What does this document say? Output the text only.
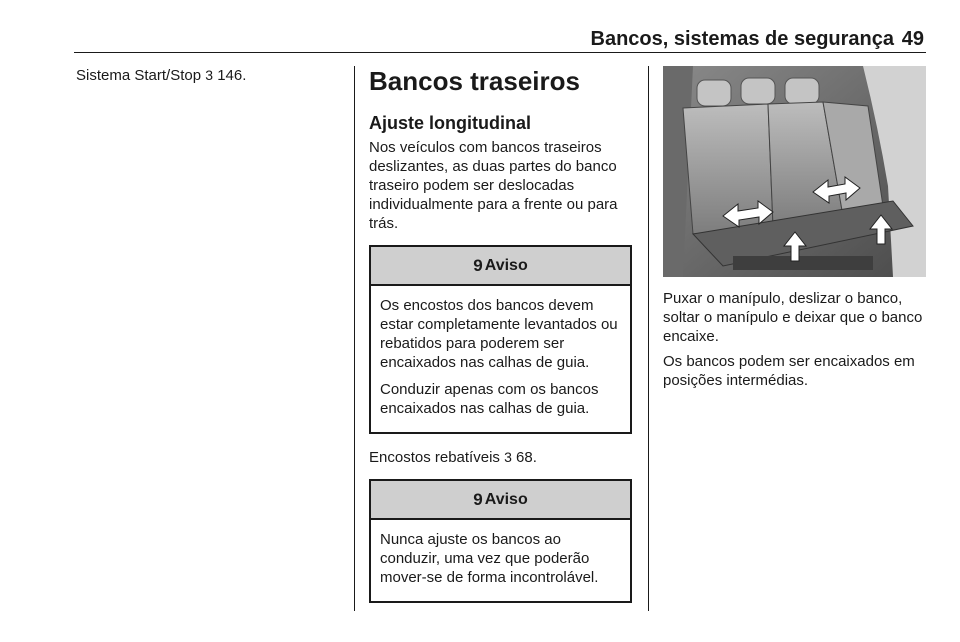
Bancos, sistemas de segurança 49

Sistema Start/Stop 3 146.	Bancos traseiros
Ajuste longitudinal

Nos veículos com bancos traseiros deslizantes, as duas partes do banco traseiro podem ser deslocadas individualmente para a frente ou para trás.

9 Aviso

Os encostos dos bancos devem estar completamente levantados ou rebatidos para poderem ser encaixados nas calhas de guia.

Conduzir apenas com os bancos encaixados nas calhas de guia.

Encostos rebatíveis 3 68.

9 Aviso

Nunca ajuste os bancos ao conduzir, uma vez que poderão mover-se de forma incontrolável.

Puxar o manípulo, deslizar o banco, soltar o manípulo e deixar que o banco encaixe.

Os bancos podem ser encaixados em posições intermédias.
